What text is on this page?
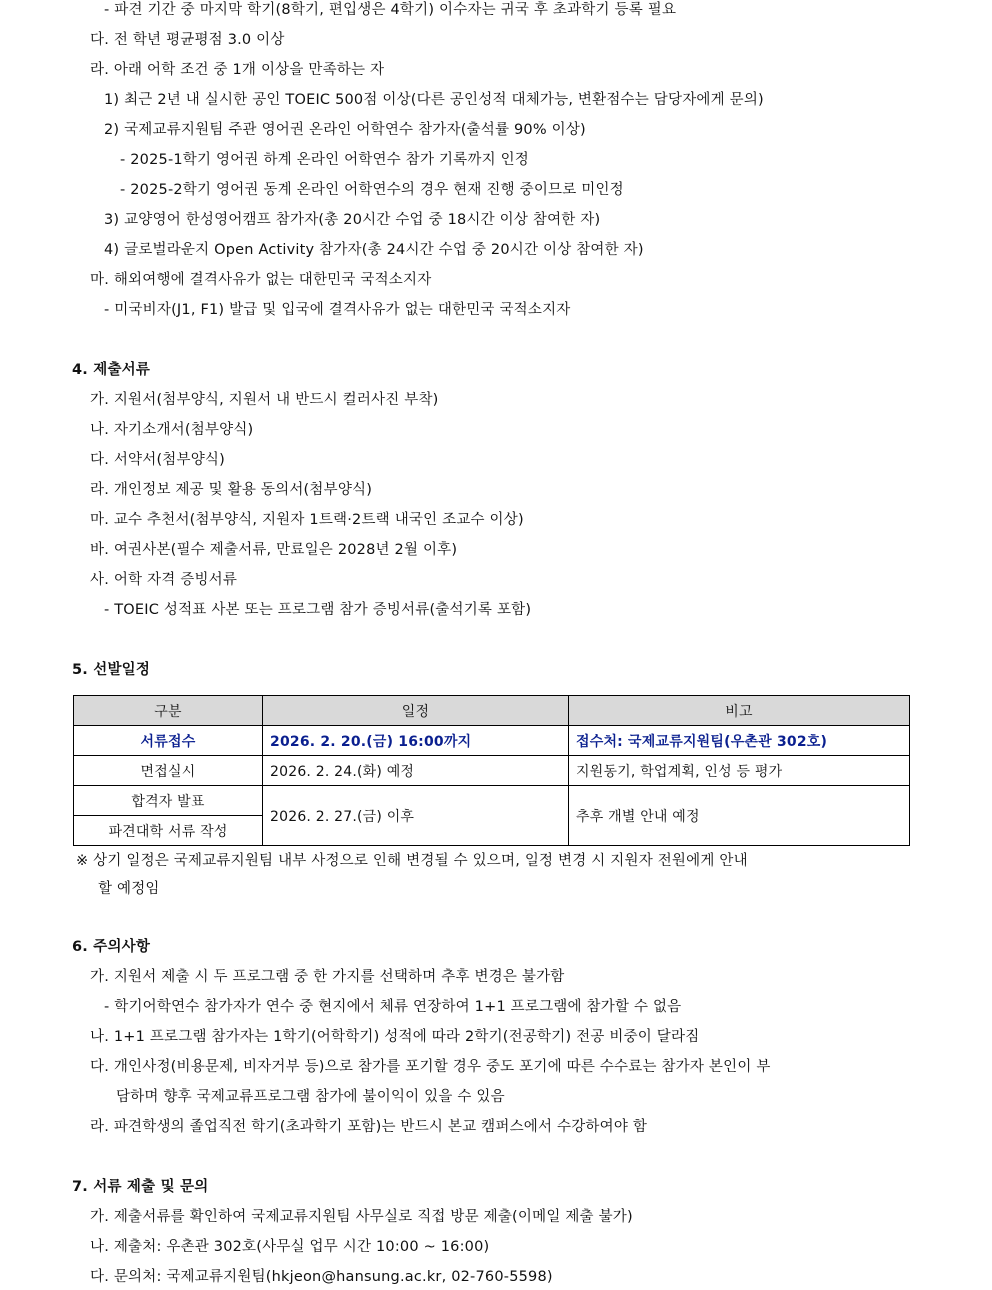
- 파견 기간 중 마지막 학기(8학기, 편입생은 4학기) 이수자는 귀국 후 초과학기 등록 필요
다. 전 학년 평균평점 3.0 이상
라. 아래 어학 조건 중 1개 이상을 만족하는 자
1) 최근 2년 내 실시한 공인 TOEIC 500점 이상(다른 공인성적 대체가능, 변환점수는 담당자에게 문의)
2) 국제교류지원팀 주관 영어권 온라인 어학연수 참가자(출석률 90% 이상)
- 2025-1학기 영어권 하계 온라인 어학연수 참가 기록까지 인정
- 2025-2학기 영어권 동계 온라인 어학연수의 경우 현재 진행 중이므로 미인정
3) 교양영어 한성영어캠프 참가자(총 20시간 수업 중 18시간 이상 참여한 자)
4) 글로벌라운지 Open Activity 참가자(총 24시간 수업 중 20시간 이상 참여한 자)
마. 해외여행에 결격사유가 없는 대한민국 국적소지자
- 미국비자(J1, F1) 발급 및 입국에 결격사유가 없는 대한민국 국적소지자
4. 제출서류
가. 지원서(첨부양식, 지원서 내 반드시 컬러사진 부착)
나. 자기소개서(첨부양식)
다. 서약서(첨부양식)
라. 개인정보 제공 및 활용 동의서(첨부양식)
마. 교수 추천서(첨부양식, 지원자 1트랙·2트랙 내국인 조교수 이상)
바. 여권사본(필수 제출서류, 만료일은 2028년 2월 이후)
사. 어학 자격 증빙서류
- TOEIC 성적표 사본 또는 프로그램 참가 증빙서류(출석기록 포함)
5. 선발일정
구분	일정	비고
서류접수	2026. 2. 20.(금) 16:00까지	접수처: 국제교류지원팀(우촌관 302호)
면접실시	2026. 2. 24.(화) 예정	지원동기, 학업계획, 인성 등 평가
합격자 발표	2026. 2. 27.(금) 이후	추후 개별 안내 예정
파견대학 서류 작성		
※ 상기 일정은 국제교류지원팀 내부 사정으로 인해 변경될 수 있으며, 일정 변경 시 지원자 전원에게 안내
할 예정임
6. 주의사항
가. 지원서 제출 시 두 프로그램 중 한 가지를 선택하며 추후 변경은 불가함
- 학기어학연수 참가자가 연수 중 현지에서 체류 연장하여 1+1 프로그램에 참가할 수 없음
나. 1+1 프로그램 참가자는 1학기(어학학기) 성적에 따라 2학기(전공학기) 전공 비중이 달라짐
다. 개인사정(비용문제, 비자거부 등)으로 참가를 포기할 경우 중도 포기에 따른 수수료는 참가자 본인이 부
담하며 향후 국제교류프로그램 참가에 불이익이 있을 수 있음
라. 파견학생의 졸업직전 학기(초과학기 포함)는 반드시 본교 캠퍼스에서 수강하여야 함
7. 서류 제출 및 문의
가. 제출서류를 확인하여 국제교류지원팀 사무실로 직접 방문 제출(이메일 제출 불가)
나. 제출처: 우촌관 302호(사무실 업무 시간 10:00 ~ 16:00)
다. 문의처: 국제교류지원팀(hkjeon@hansung.ac.kr, 02-760-5598)
